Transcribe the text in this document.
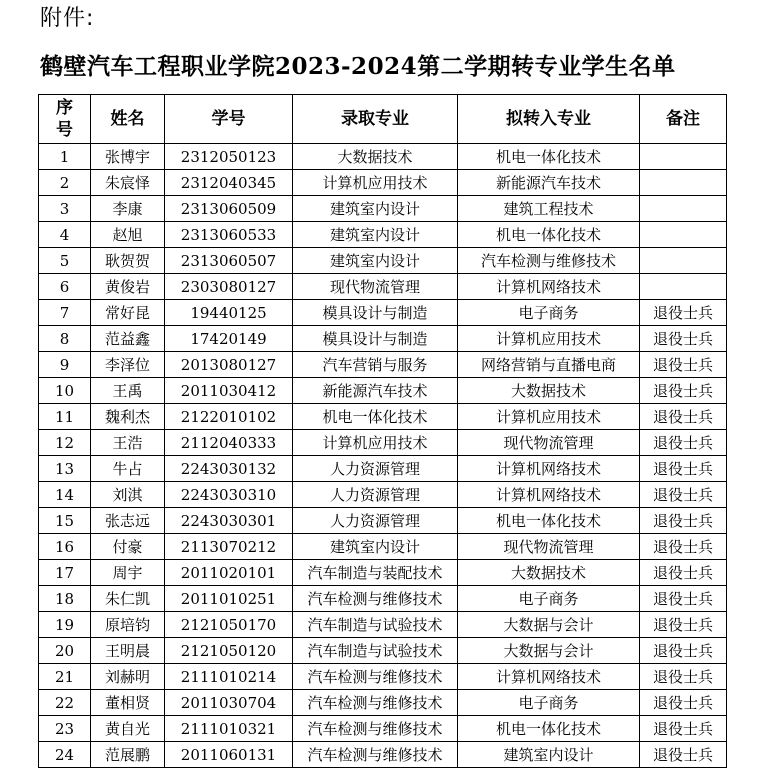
附件:
鹤壁汽车工程职业学院2023-2024第二学期转专业学生名单
序
号	姓名	学号	录取专业	拟转入专业	备注
1	张博宇	2312050123	大数据技术	机电一体化技术	
2	朱宸怿	2312040345	计算机应用技术	新能源汽车技术	
3	李康	2313060509	建筑室内设计	建筑工程技术	
4	赵旭	2313060533	建筑室内设计	机电一体化技术	
5	耿贺贺	2313060507	建筑室内设计	汽车检测与维修技术	
6	黄俊岩	2303080127	现代物流管理	计算机网络技术	
7	常好昆	19440125	模具设计与制造	电子商务	退役士兵
8	范益鑫	17420149	模具设计与制造	计算机应用技术	退役士兵
9	李泽位	2013080127	汽车营销与服务	网络营销与直播电商	退役士兵
10	王禹	2011030412	新能源汽车技术	大数据技术	退役士兵
11	魏利杰	2122010102	机电一体化技术	计算机应用技术	退役士兵
12	王浩	2112040333	计算机应用技术	现代物流管理	退役士兵
13	牛占	2243030132	人力资源管理	计算机网络技术	退役士兵
14	刘淇	2243030310	人力资源管理	计算机网络技术	退役士兵
15	张志远	2243030301	人力资源管理	机电一体化技术	退役士兵
16	付豪	2113070212	建筑室内设计	现代物流管理	退役士兵
17	周宇	2011020101	汽车制造与装配技术	大数据技术	退役士兵
18	朱仁凯	2011010251	汽车检测与维修技术	电子商务	退役士兵
19	原培钧	2121050170	汽车制造与试验技术	大数据与会计	退役士兵
20	王明晨	2121050120	汽车制造与试验技术	大数据与会计	退役士兵
21	刘赫明	2111010214	汽车检测与维修技术	计算机网络技术	退役士兵
22	董相贤	2011030704	汽车检测与维修技术	电子商务	退役士兵
23	黄自光	2111010321	汽车检测与维修技术	机电一体化技术	退役士兵
24	范展鹏	2011060131	汽车检测与维修技术	建筑室内设计	退役士兵
